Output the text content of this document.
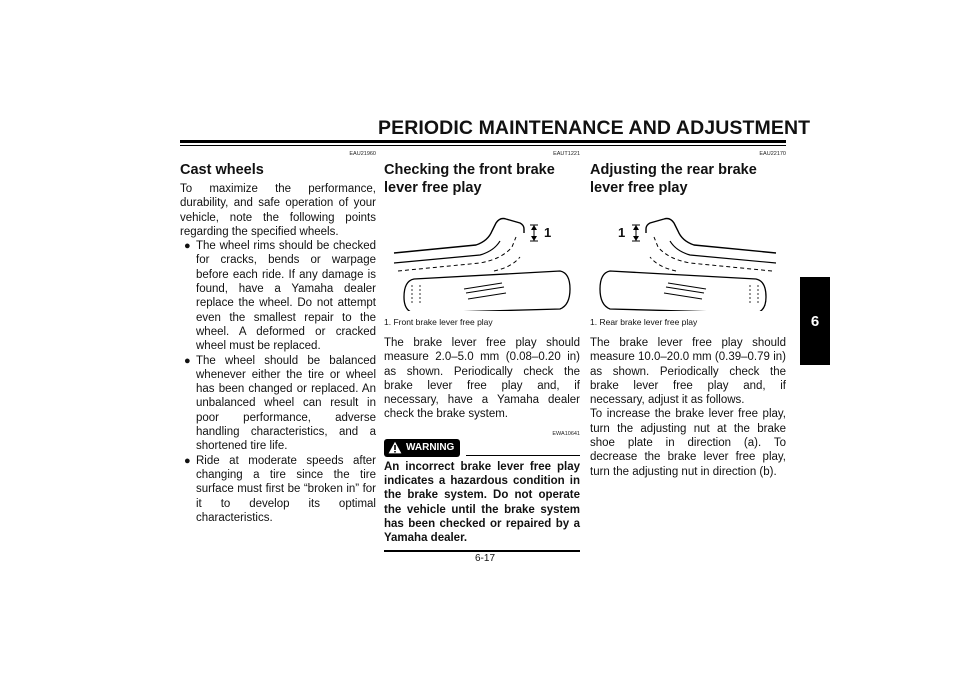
PERIODIC MAINTENANCE AND ADJUSTMENT
6
EAU21960
Cast wheels

To maximize the performance, durability, and safe operation of your vehicle, note the following points regarding the specified wheels.

● The wheel rims should be checked for cracks, bends or warpage before each ride. If any damage is found, have a Yamaha dealer replace the wheel. Do not attempt even the smallest repair to the wheel. A deformed or cracked wheel must be replaced.
● The wheel should be balanced whenever either the tire or wheel has been changed or replaced. An unbalanced wheel can result in poor performance, adverse handling characteristics, and a shortened tire life.
● Ride at moderate speeds after changing a tire since the tire surface must first be “broken in” for it to develop its optimal characteristics.
EAUT1221
Checking the front brake lever free play
1
1. Front brake lever free play

The brake lever free play should measure 2.0–5.0 mm (0.08–0.20 in) as shown. Periodically check the brake lever free play and, if necessary, have a Yamaha dealer check the brake system.

EWA10641
WARNING
An incorrect brake lever free play indicates a hazardous condition in the brake system. Do not operate the vehicle until the brake system has been checked or repaired by a Yamaha dealer.
EAU22170
Adjusting the rear brake lever free play
1
1. Rear brake lever free play

The brake lever free play should measure 10.0–20.0 mm (0.39–0.79 in) as shown. Periodically check the brake lever free play and, if necessary, adjust it as follows.

To increase the brake lever free play, turn the adjusting nut at the brake shoe plate in direction (a). To decrease the brake lever free play, turn the adjusting nut in direction (b).

6-17
